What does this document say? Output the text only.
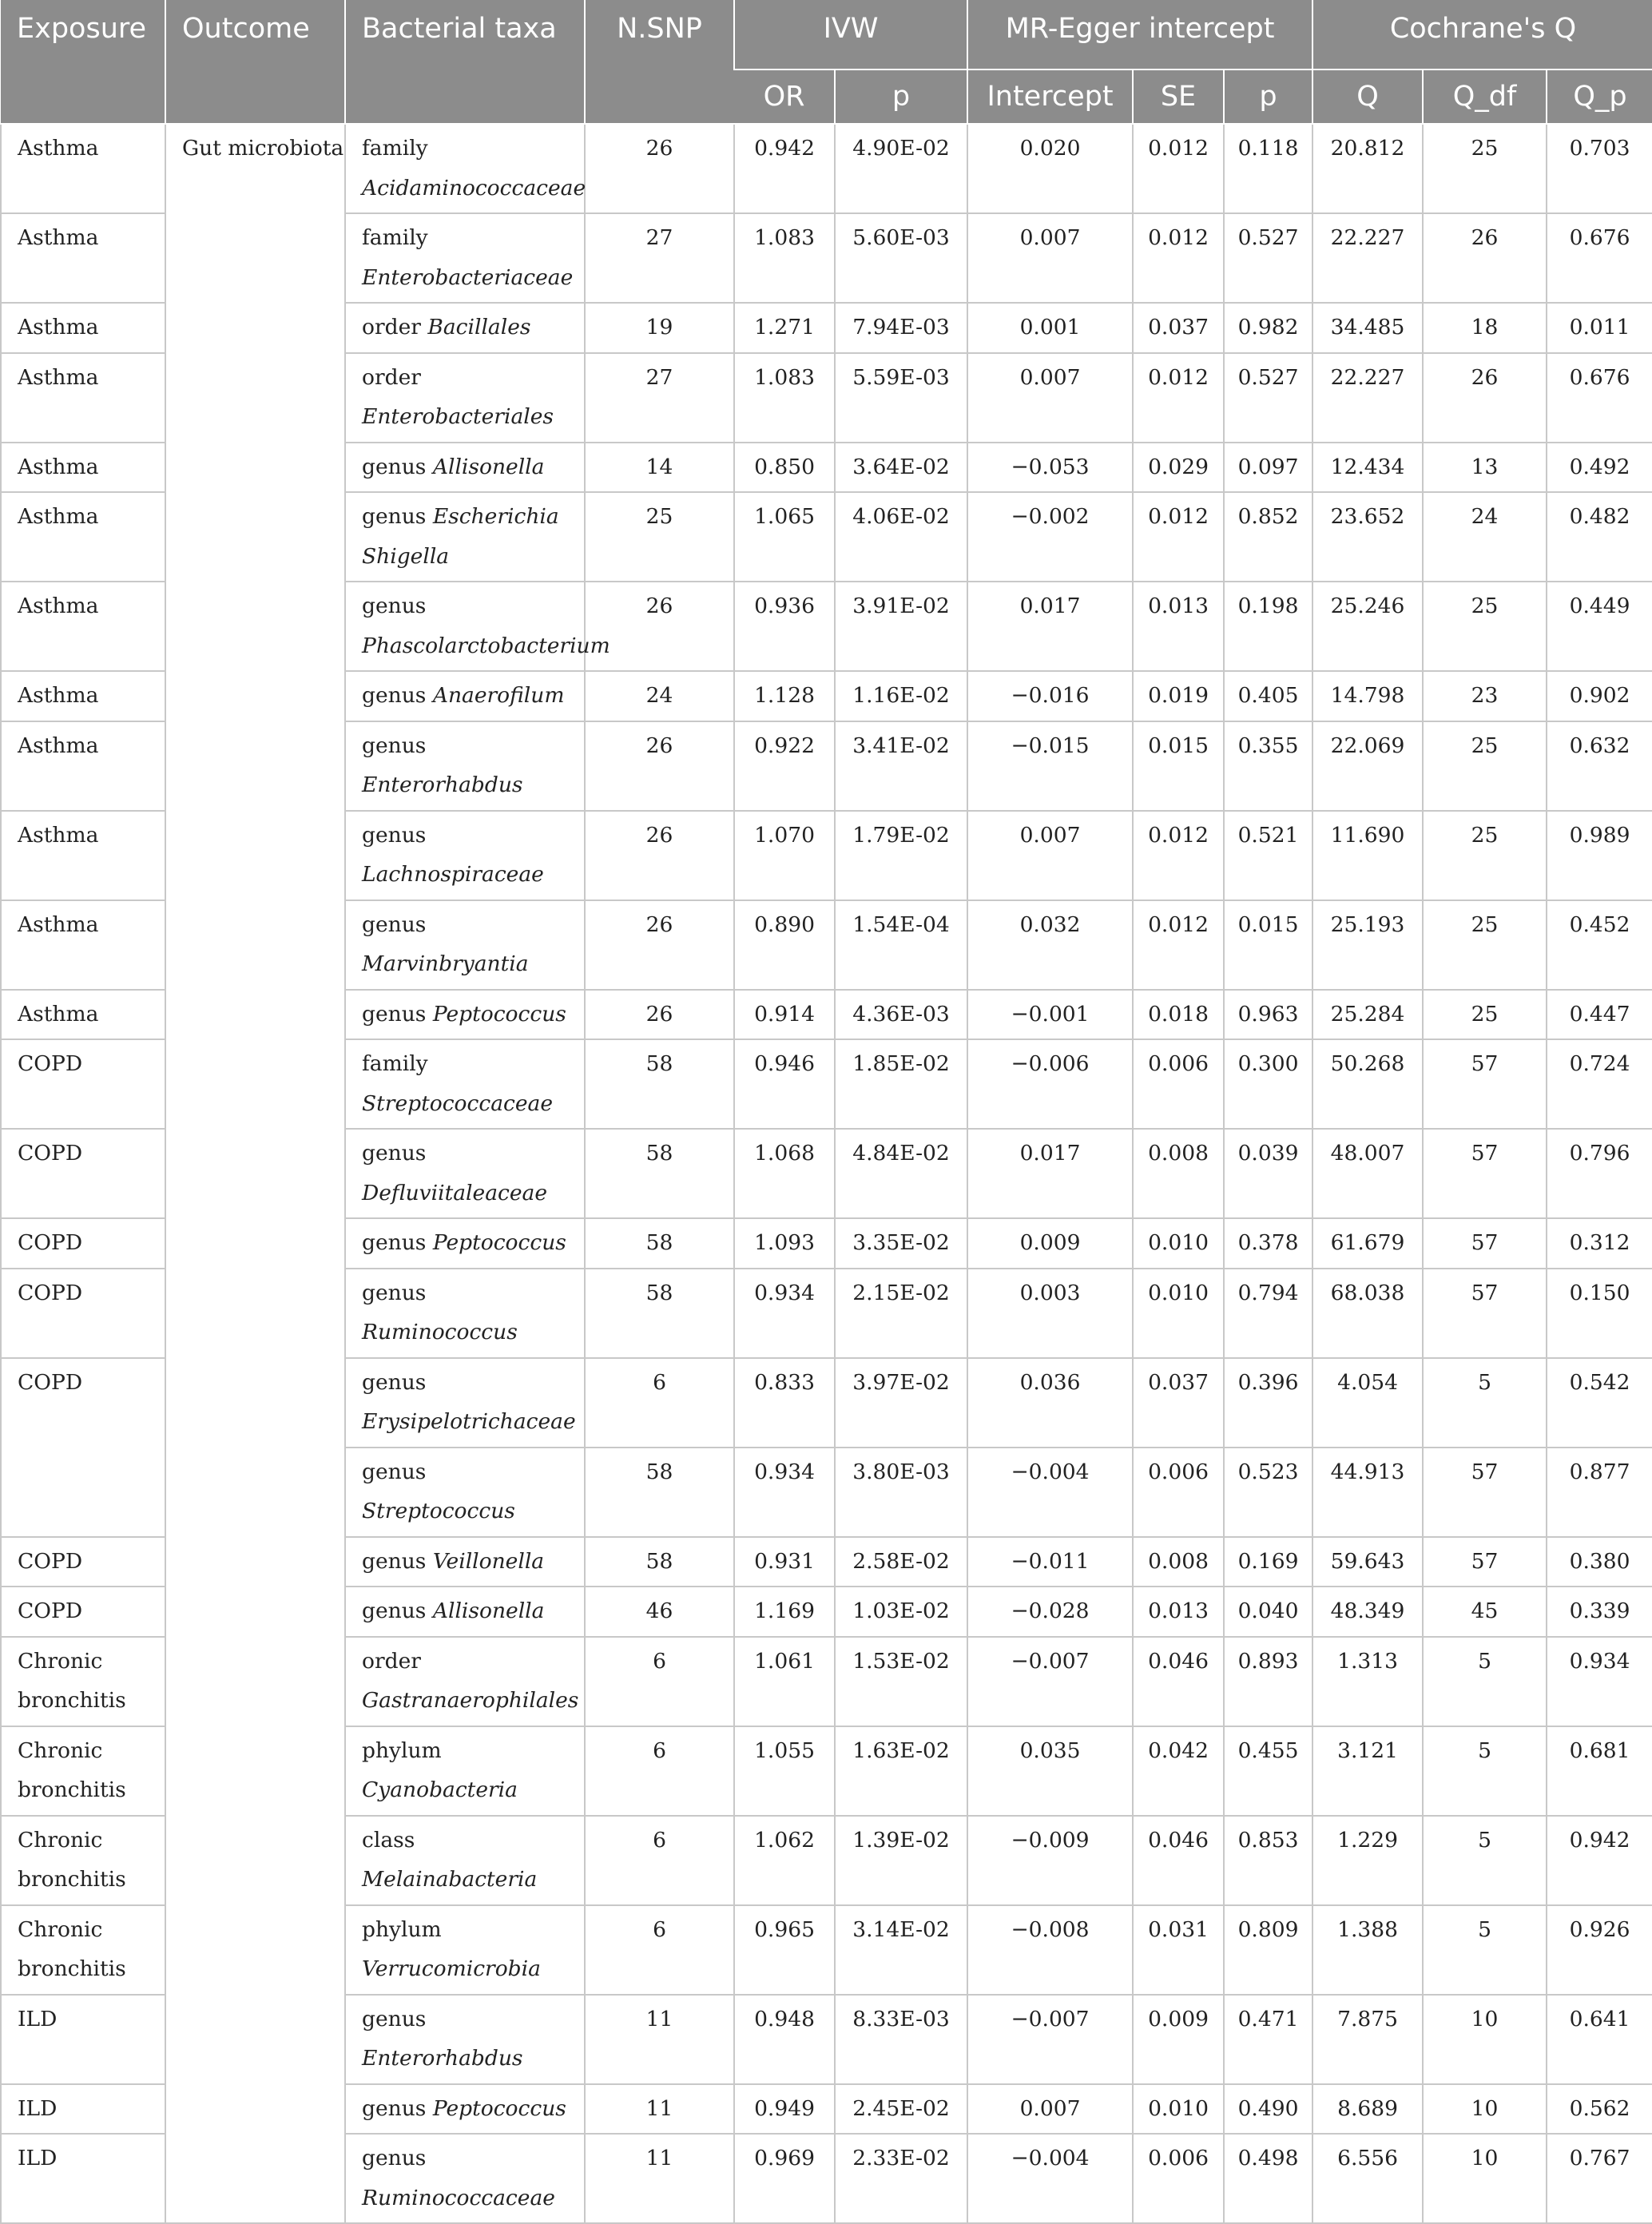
Exposure	Outcome	Bacterial taxa	N.SNP	IVW		MR-Egger intercept			Cochrane's Q		
				OR	p	Intercept	SE	p	Q	Q_df	Q_p
Asthma	Gut microbiota	family Acidaminococcaceae	26	0.942	4.90E-02	0.020	0.012	0.118	20.812	25	0.703
Asthma		family Enterobacteriaceae	27	1.083	5.60E-03	0.007	0.012	0.527	22.227	26	0.676
Asthma		order Bacillales	19	1.271	7.94E-03	0.001	0.037	0.982	34.485	18	0.011
Asthma		order Enterobacteriales	27	1.083	5.59E-03	0.007	0.012	0.527	22.227	26	0.676
Asthma		genus Allisonella	14	0.850	3.64E-02	−0.053	0.029	0.097	12.434	13	0.492
Asthma		genus Escherichia Shigella	25	1.065	4.06E-02	−0.002	0.012	0.852	23.652	24	0.482
Asthma		genus Phascolarctobacterium	26	0.936	3.91E-02	0.017	0.013	0.198	25.246	25	0.449
Asthma		genus Anaerofilum	24	1.128	1.16E-02	−0.016	0.019	0.405	14.798	23	0.902
Asthma		genus Enterorhabdus	26	0.922	3.41E-02	−0.015	0.015	0.355	22.069	25	0.632
Asthma		genus Lachnospiraceae	26	1.070	1.79E-02	0.007	0.012	0.521	11.690	25	0.989
Asthma		genus Marvinbryantia	26	0.890	1.54E-04	0.032	0.012	0.015	25.193	25	0.452
Asthma		genus Peptococcus	26	0.914	4.36E-03	−0.001	0.018	0.963	25.284	25	0.447
COPD		family Streptococcaceae	58	0.946	1.85E-02	−0.006	0.006	0.300	50.268	57	0.724
COPD		genus Defluviitaleaceae	58	1.068	4.84E-02	0.017	0.008	0.039	48.007	57	0.796
COPD		genus Peptococcus	58	1.093	3.35E-02	0.009	0.010	0.378	61.679	57	0.312
COPD		genus Ruminococcus	58	0.934	2.15E-02	0.003	0.010	0.794	68.038	57	0.150
COPD		genus Erysipelotrichaceae	6	0.833	3.97E-02	0.036	0.037	0.396	4.054	5	0.542
		genus Streptococcus	58	0.934	3.80E-03	−0.004	0.006	0.523	44.913	57	0.877
COPD		genus Veillonella	58	0.931	2.58E-02	−0.011	0.008	0.169	59.643	57	0.380
COPD		genus Allisonella	46	1.169	1.03E-02	−0.028	0.013	0.040	48.349	45	0.339
Chronic bronchitis		order Gastranaerophilales	6	1.061	1.53E-02	−0.007	0.046	0.893	1.313	5	0.934
Chronic bronchitis		phylum Cyanobacteria	6	1.055	1.63E-02	0.035	0.042	0.455	3.121	5	0.681
Chronic bronchitis		class Melainabacteria	6	1.062	1.39E-02	−0.009	0.046	0.853	1.229	5	0.942
Chronic bronchitis		phylum Verrucomicrobia	6	0.965	3.14E-02	−0.008	0.031	0.809	1.388	5	0.926
ILD		genus Enterorhabdus	11	0.948	8.33E-03	−0.007	0.009	0.471	7.875	10	0.641
ILD		genus Peptococcus	11	0.949	2.45E-02	0.007	0.010	0.490	8.689	10	0.562
ILD		genus Ruminococcaceae	11	0.969	2.33E-02	−0.004	0.006	0.498	6.556	10	0.767
